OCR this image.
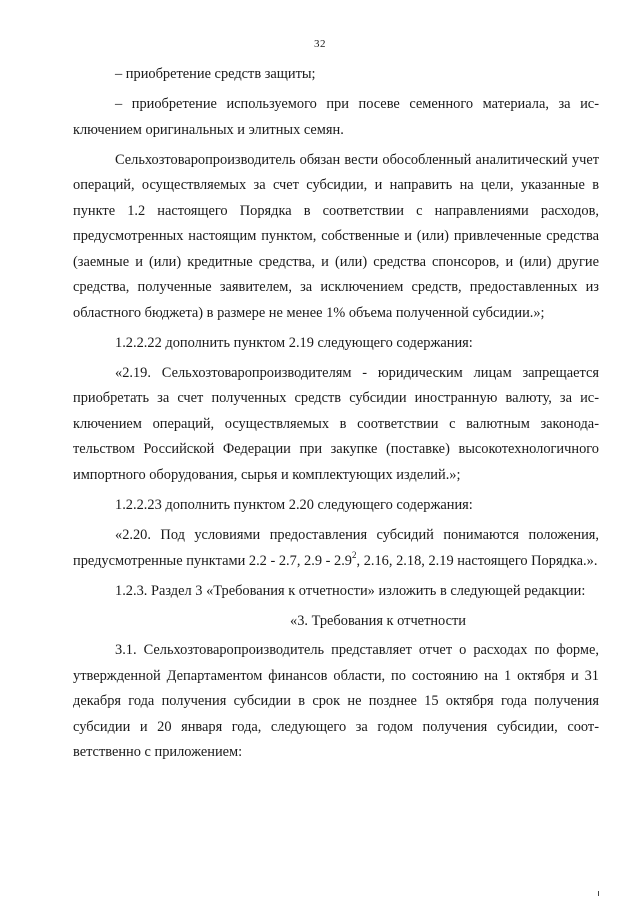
32

– приобретение средств защиты;

– приобретение используемого при посеве семенного материала, за исключением оригинальных и элитных семян.

Сельхозтоваропроизводитель обязан вести обособленный аналитический учет операций, осуществляемых за счет субсидии, и направить на цели, указанные в пункте 1.2 настоящего Порядка в соответствии с направлениями расходов, предусмотренных настоящим пунктом, собственные и (или) привлеченные средства (заемные и (или) кредитные средства, и (или) средства спонсоров, и (или) другие средства, полученные заявителем, за исключением средств, предоставленных из областного бюджета) в размере не менее 1% объема полученной субсидии.»;

1.2.2.22 дополнить пунктом 2.19 следующего содержания:

«2.19. Сельхозтоваропроизводителям - юридическим лицам запрещается приобретать за счет полученных средств субсидии иностранную валюту, за исключением операций, осуществляемых в соответствии с валютным законодательством Российской Федерации при закупке (поставке) высокотехнологичного импортного оборудования, сырья и комплектующих изделий.»;

1.2.2.23 дополнить пунктом 2.20 следующего содержания:

«2.20. Под условиями предоставления субсидий понимаются положения, предусмотренные пунктами 2.2 - 2.7, $2.9 - 2.9^2$, 2.16, 2.18, 2.19 настоящего Порядка.».

1.2.3. Раздел 3 «Требования к отчетности» изложить в следующей редакции:

«3. Требования к отчетности

3.1. Сельхозтоваропроизводитель представляет отчет о расходах по форме, утвержденной Департаментом финансов области, по состоянию на 1 октября и 31 декабря года получения субсидии в срок не позднее 15 октября года получения субсидии и 20 января года, следующего за годом получения субсидии, соответственно с приложением:
